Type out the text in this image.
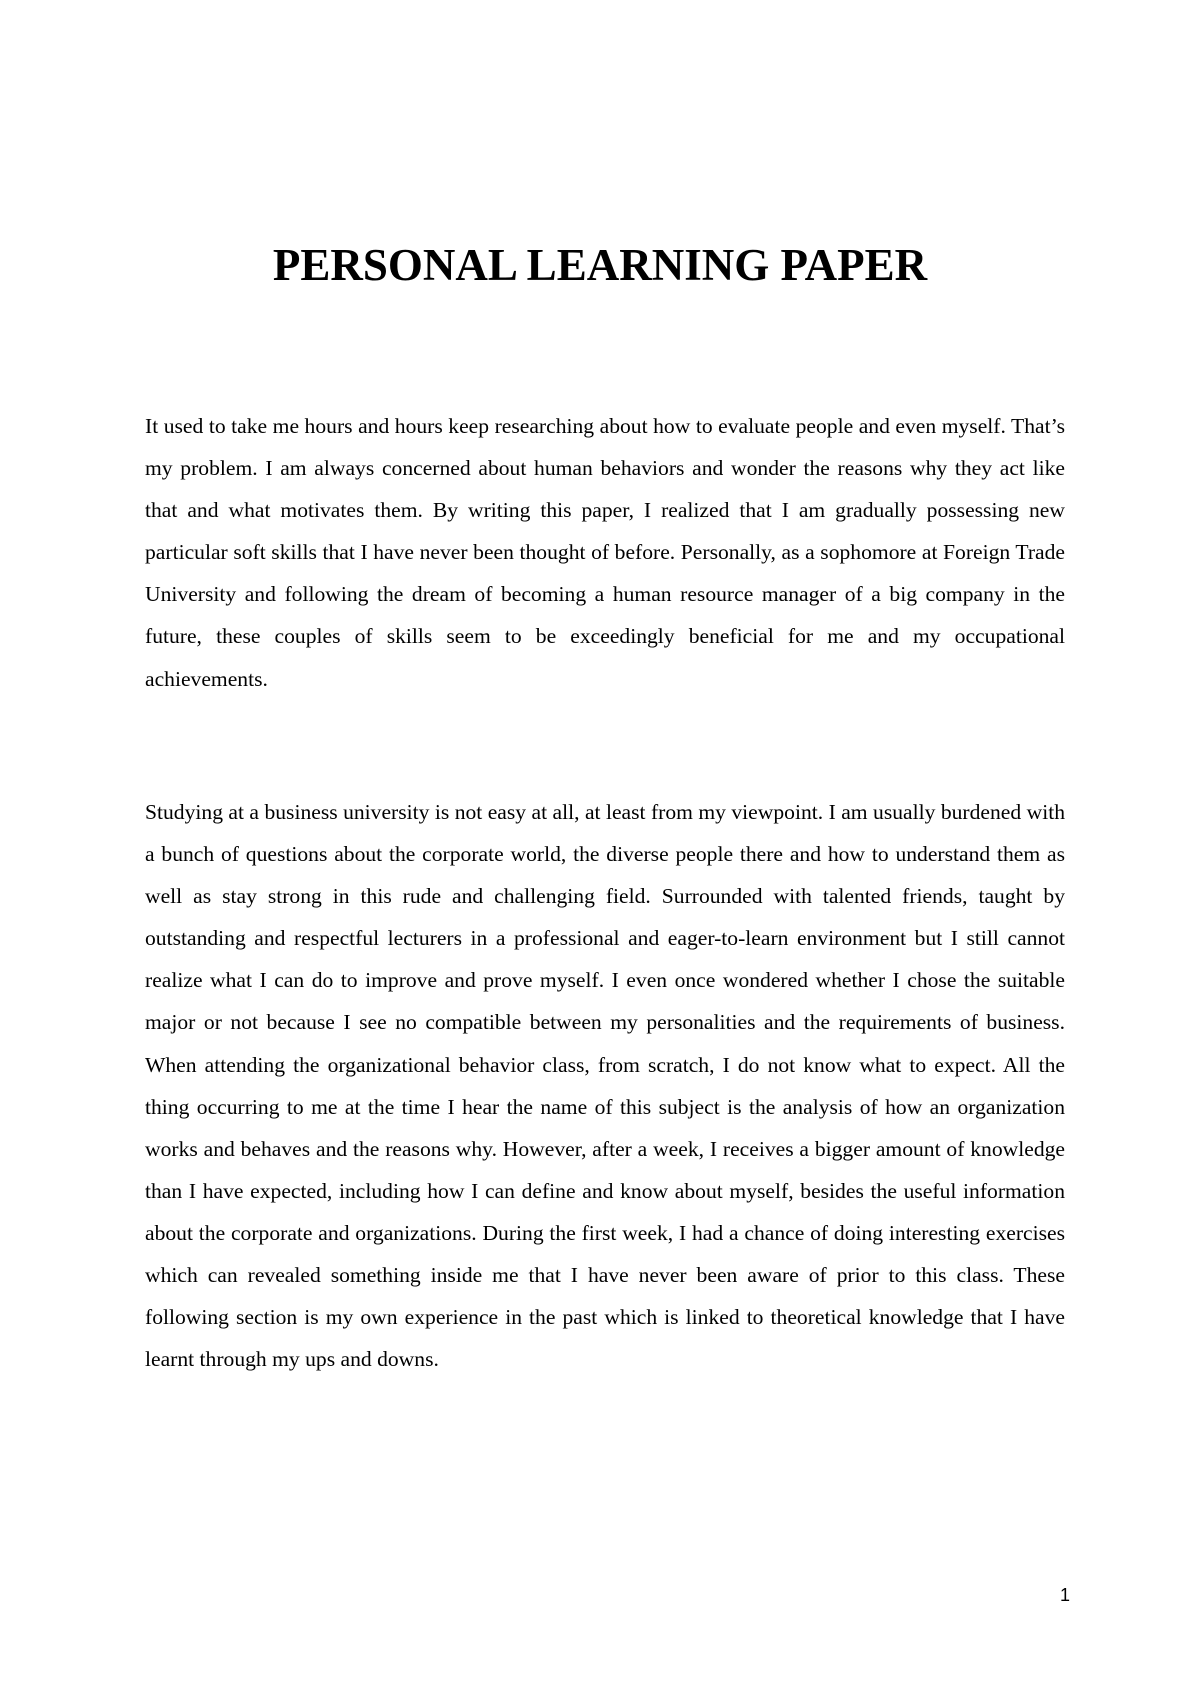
PERSONAL LEARNING PAPER

It used to take me hours and hours keep researching about how to evaluate people and even myself. That’s my problem. I am always concerned about human behaviors and wonder the reasons why they act like that and what motivates them. By writing this paper, I realized that I am gradually possessing new particular soft skills that I have never been thought of before. Personally, as a sophomore at Foreign Trade University and following the dream of becoming a human resource manager of a big company in the future, these couples of skills seem to be exceedingly beneficial for me and my occupational achievements.

Studying at a business university is not easy at all, at least from my viewpoint. I am usually burdened with a bunch of questions about the corporate world, the diverse people there and how to understand them as well as stay strong in this rude and challenging field. Surrounded with talented friends, taught by outstanding and respectful lecturers in a professional and eager-to-learn environment but I still cannot realize what I can do to improve and prove myself. I even once wondered whether I chose the suitable major or not because I see no compatible between my personalities and the requirements of business. When attending the organizational behavior class, from scratch, I do not know what to expect. All the thing occurring to me at the time I hear the name of this subject is the analysis of how an organization works and behaves and the reasons why. However, after a week, I receives a bigger amount of knowledge than I have expected, including how I can define and know about myself, besides the useful information about the corporate and organizations. During the first week, I had a chance of doing interesting exercises which can revealed something inside me that I have never been aware of prior to this class. These following section is my own experience in the past which is linked to theoretical knowledge that I have learnt through my ups and downs.

1
